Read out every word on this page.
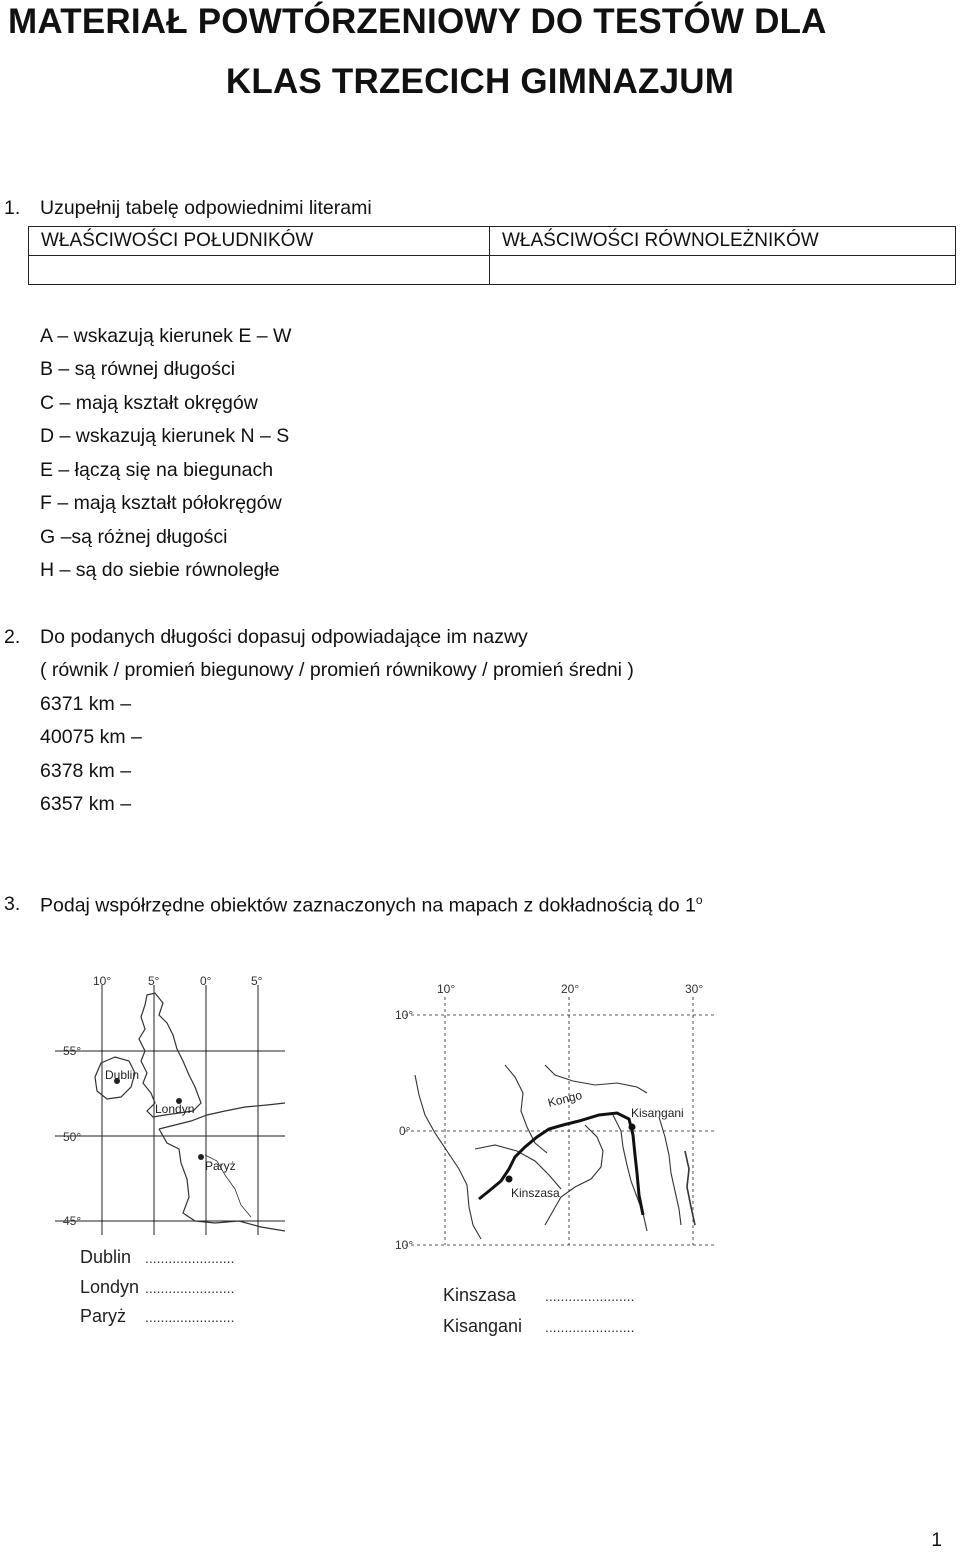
MATERIAŁ POWTÓRZENIOWY DO TESTÓW DLA
KLAS TRZECICH GIMNAZJUM
1. Uzupełnij tabelę odpowiednimi literami
WŁAŚCIWOŚCI POŁUDNIKÓW	WŁAŚCIWOŚCI RÓWNOLEŻNIKÓW

A – wskazują kierunek E – W
B – są równej długości
C – mają kształt okręgów
D – wskazują kierunek N – S
E – łączą się na biegunach
F – mają kształt półokręgów
G –są różnej długości
H – są do siebie równoległe
2. Do podanych długości dopasuj odpowiadające im nazwy
( równik / promień biegunowy / promień równikowy / promień średni )
6371 km –
40075 km –
6378 km –
6357 km –
3. Podaj współrzędne obiektów zaznaczonych na mapach z dokładnością do 1$^o$
10°	5°	0°	5°
55°
50°
45°
Dublin
Londyn
Paryż
Dublin .......................
Londyn .......................
Paryż .......................
10°	20°	30°
10°
0°
10°
Kongo
Kisangani
Kinszasa
Kinszasa .......................
Kisangani .......................
1
